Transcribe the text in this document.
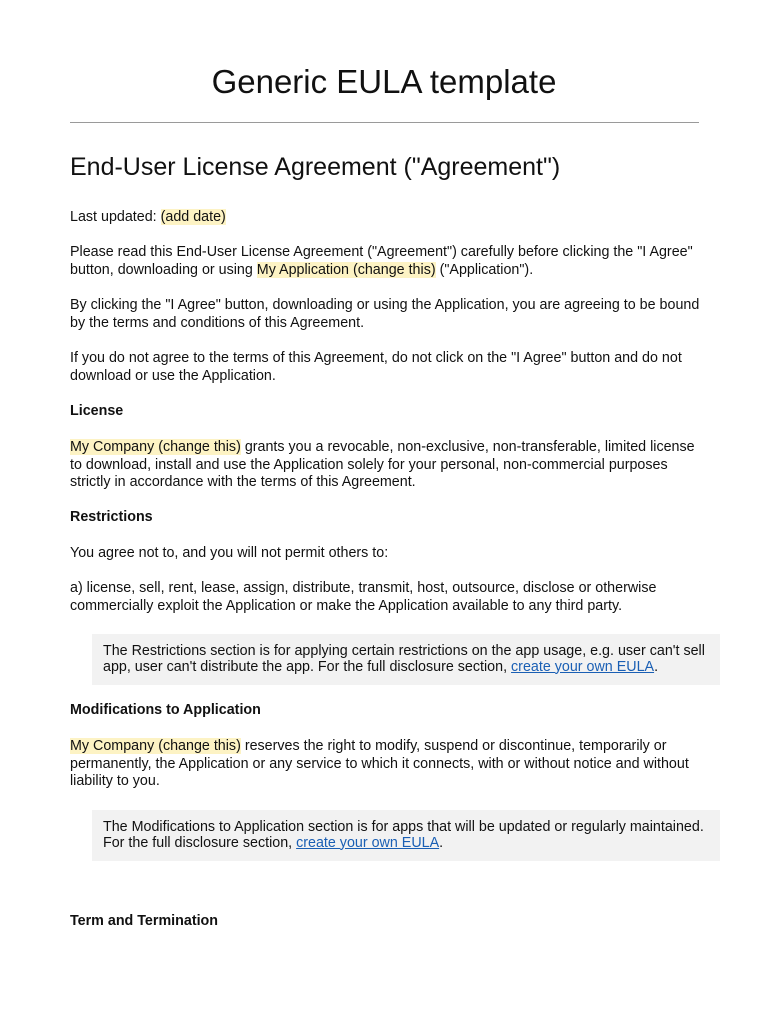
Generic EULA template
End-User License Agreement ("Agreement")

Last updated: (add date)

Please read this End-User License Agreement ("Agreement") carefully before clicking the "I Agree" button, downloading or using My Application (change this) ("Application").

By clicking the "I Agree" button, downloading or using the Application, you are agreeing to be bound by the terms and conditions of this Agreement.

If you do not agree to the terms of this Agreement, do not click on the "I Agree" button and do not download or use the Application.

License

My Company (change this) grants you a revocable, non-exclusive, non-transferable, limited license to download, install and use the Application solely for your personal, non-commercial purposes strictly in accordance with the terms of this Agreement.

Restrictions

You agree not to, and you will not permit others to:

a) license, sell, rent, lease, assign, distribute, transmit, host, outsource, disclose or otherwise commercially exploit the Application or make the Application available to any third party.

The Restrictions section is for applying certain restrictions on the app usage, e.g. user can't sell app, user can't distribute the app. For the full disclosure section, create your own EULA.

Modifications to Application

My Company (change this) reserves the right to modify, suspend or discontinue, temporarily or permanently, the Application or any service to which it connects, with or without notice and without liability to you.

The Modifications to Application section is for apps that will be updated or regularly maintained. For the full disclosure section, create your own EULA.

Term and Termination
